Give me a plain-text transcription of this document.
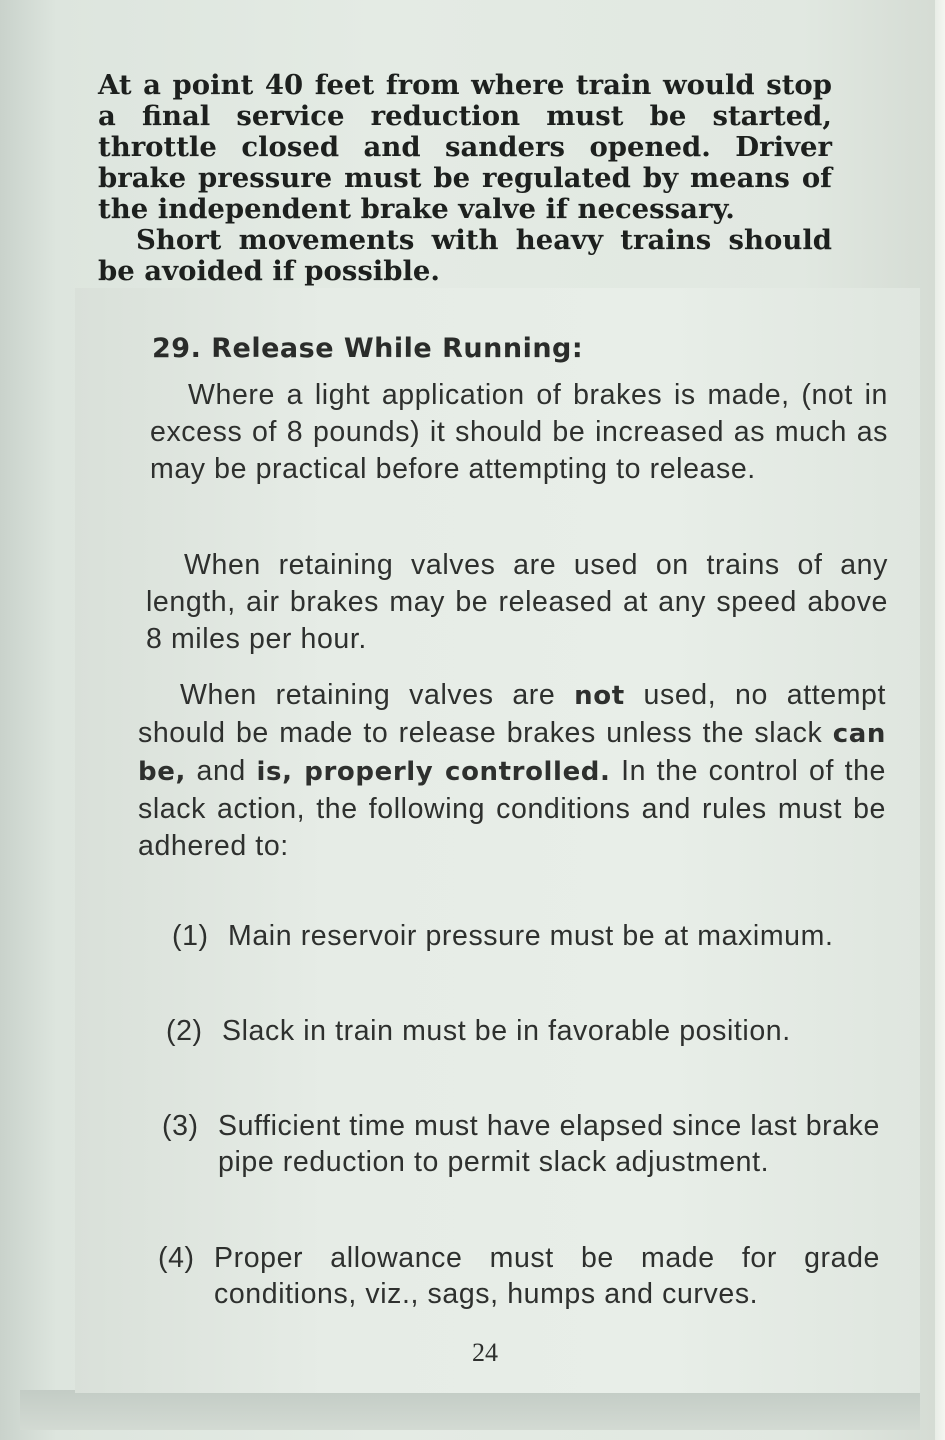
At a point 40 feet from where train would stop a final service reduction must be started, throttle closed and sanders opened. Driver brake pressure must be regulated by means of the independent brake valve if necessary.

Short movements with heavy trains should be avoided if possible.

29. Release While Running:

Where a light application of brakes is made, (not in excess of 8 pounds) it should be increased as much as may be practical before attempting to release.

When retaining valves are used on trains of any length, air brakes may be released at any speed above 8 miles per hour.

When retaining valves are not used, no attempt should be made to release brakes unless the slack can be, and is, properly controlled. In the control of the slack action, the following conditions and rules must be adhered to:

(1) Main reservoir pressure must be at maximum.
(2) Slack in train must be in favorable position.
(3) Sufficient time must have elapsed since last brake pipe reduction to permit slack adjustment.
(4) Proper allowance must be made for grade conditions, viz., sags, humps and curves.
24
